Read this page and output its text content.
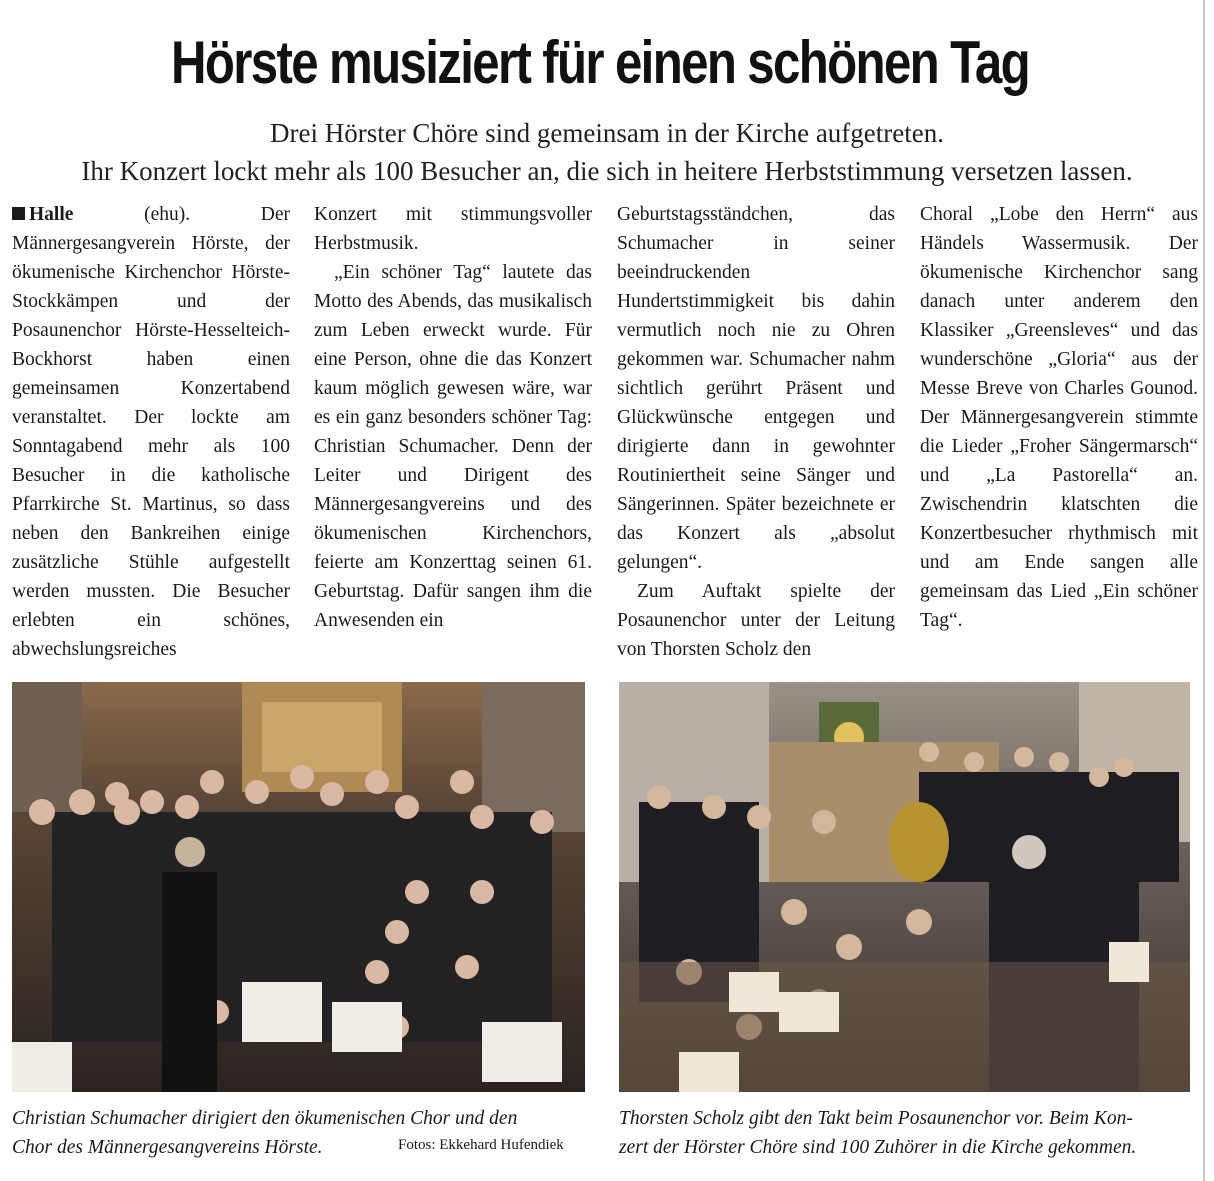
Hörste musiziert für einen schönen Tag
Drei Hörster Chöre sind gemeinsam in der Kirche aufgetreten.
Ihr Konzert lockt mehr als 100 Besucher an, die sich in heitere Herbststimmung versetzen lassen.

Halle (ehu). Der Männergesangverein Hörste, der ökumenische Kirchenchor Hörste-Stockkämpen und der Posaunenchor Hörste-Hesselteich-Bockhorst haben einen gemeinsamen Konzertabend veranstaltet. Der lockte am Sonntagabend mehr als 100 Besucher in die katholische Pfarrkirche St. Martinus, so dass neben den Bankreihen einige zusätzliche Stühle aufgestellt werden mussten. Die Besucher erlebten ein schönes, abwechslungsreiches

Konzert mit stimmungsvoller Herbstmusik.

„Ein schöner Tag“ lautete das Motto des Abends, das musikalisch zum Leben erweckt wurde. Für eine Person, ohne die das Konzert kaum möglich gewesen wäre, war es ein ganz besonders schöner Tag: Christian Schumacher. Denn der Leiter und Dirigent des Männergesangvereins und des ökumenischen Kirchenchors, feierte am Konzerttag seinen 61. Geburtstag. Dafür sangen ihm die Anwesenden ein

Geburtstagsständchen, das Schumacher in seiner beeindruckenden Hundertstimmigkeit bis dahin vermutlich noch nie zu Ohren gekommen war. Schumacher nahm sichtlich gerührt Präsent und Glückwünsche entgegen und dirigierte dann in gewohnter Routiniertheit seine Sänger und Sängerinnen. Später bezeichnete er das Konzert als „absolut gelungen“.

Zum Auftakt spielte der Posaunenchor unter der Leitung von Thorsten Scholz den

Choral „Lobe den Herrn“ aus Händels Wassermusik. Der ökumenische Kirchenchor sang danach unter anderem den Klassiker „Greensleves“ und das wunderschöne „Gloria“ aus der Messe Breve von Charles Gounod. Der Männergesangverein stimmte die Lieder „Froher Sängermarsch“ und „La Pastorella“ an. Zwischendrin klatschten die Konzertbesucher rhythmisch mit und am Ende sangen alle gemeinsam das Lied „Ein schöner Tag“.

Christian Schumacher dirigiert den ökumenischen Chor und den
Chor des Männergesangvereins Hörste.	Fotos: Ekkehard Hufendiek
Thorsten Scholz gibt den Takt beim Posaunenchor vor. Beim Kon-
zert der Hörster Chöre sind 100 Zuhörer in die Kirche gekommen.
